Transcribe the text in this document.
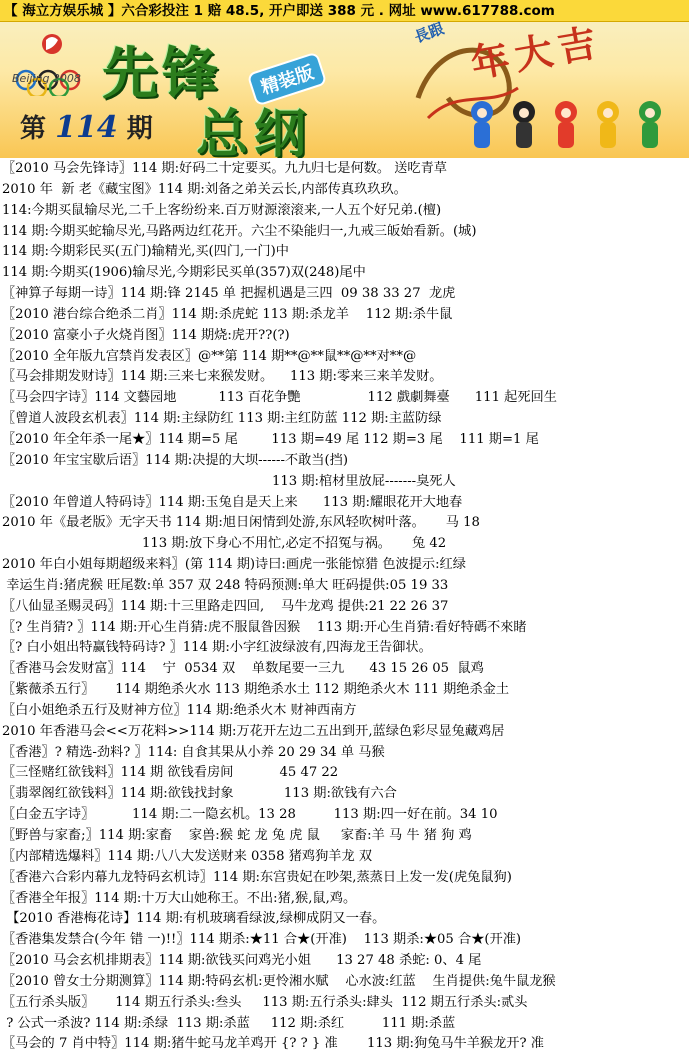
【 海立方娱乐城 】六合彩投注 1 赔 48.5, 开户即送 388 元 . 网址 www.617788.com
Beijing 2008 先锋	精装版
总纲
第 114 期
長跟 年大吉
〖2010 马会先锋诗〗114 期:好码二十定要买。九九归七是何数。 送吃青草
2010 年  新 老《藏宝图》114 期:刘备之弟关云长,内部传真玖玖玖。
114:今期买鼠输尽光,二千上客纷纷来.百万财源滚滚来,一人五个好兄弟.(檀)
114 期:今期买蛇输尽光,马路两边红花开。六尘不染能归一,九戒三皈始看新。(城)
114 期:今期彩民买(五门)输精光,买(四门,一门)中
114 期:今期买(1906)输尽光,今期彩民买单(357)双(248)尾中
〖神算子每期一诗〗114 期:锋 2145 单 把握机遇是三四  09 38 33 27  龙虎
〖2010 港台综合绝杀二肖〗114 期:杀虎蛇 113 期:杀龙羊    112 期:杀牛鼠
〖2010 富豪小子火烧肖图〗114 期烧:虎开??(?)
〖2010 全年版九宫禁肖发表区〗@**第 114 期**@**鼠**@**对**@
〖马会排期发财诗〗114 期:三来七来猴发财。    113 期:零来三来羊发财。
〖马会四字诗〗114 文藝园地          113 百花争艷                112 戲劇舞臺      111 起死回生
〖曾道人波段玄机表〗114 期:主绿防红 113 期:主红防蓝 112 期:主蓝防绿
〖2010 年全年杀一尾★〗114 期=5 尾        113 期=49 尾 112 期=3 尾    111 期=1 尾
〖2010 年宝宝歇后语〗114 期:决提的大坝------不敢当(挡)
113 期:棺材里放屁-------臭死人
〖2010 年曾道人特码诗〗114 期:玉兔自是天上来      113 期:耀眼花开大地春
2010 年《最老版》无字天书 114 期:旭日闲情到处游,东风轻吹树叶落。     马 18
113 期:放下身心不用忙,必定不招冤与祸。     兔 42
2010 年白小姐每期超级来料〗(第 114 期)诗曰:画虎一张能惊猎 色波提示:红绿
幸运生肖:猪虎猴 旺尾数:单 357 双 248 特码预测:单大 旺码提供:05 19 33
〖八仙显圣赐灵码〗114 期:十三里路走四回,    马牛龙鸡 提供:21 22 26 37
〖? 生肖猜? 〗114 期:开心生肖猜:虎不服鼠昝因猴    113 期:开心生肖猜:看好特碼不來睹
〖? 白小姐出特赢钱特码诗? 〗114 期:小字红波绿波有,四海龙王告御状。
〖香港马会发财富〗114    宁  0534 双    单数尾要一三九      43 15 26 05  鼠鸡
〖紫薇杀五行〗     114 期绝杀火水 113 期绝杀水土 112 期绝杀火木 111 期绝杀金土
〖白小姐绝杀五行及财神方位〗114 期:绝杀火木 财神西南方
2010 年香港马会<<万花料>>114 期:万花开左边二五出到开,蓝绿色彩尽显兔藏鸡居
〖香港〗? 精选-劲料? 〗114: 自食其果从小养 20 29 34 单 马猴
〖三怪赌红欲钱料〗114 期 欲钱看房间           45 47 22
〖翡翠阁红欲钱料〗114 期:欲钱找封象            113 期:欲钱有六合
〖白金五字诗〗         114 期:二一隐玄机。13 28         113 期:四一好在前。34 10
〖野兽与家畜;〗114 期:家畜    家兽:猴 蛇 龙 兔 虎 鼠     家畜:羊 马 牛 猪 狗 鸡
〖内部精选爆料〗114 期:八八大发送财来 0358 猪鸡狗羊龙 双
〖香港六合彩内幕九龙特码玄机诗〗114 期:东宫贵妃在吵架,蒸蒸日上发一发(虎兔鼠狗)
〖香港全年报〗114 期:十万大山她称王。不出:猪,猴,鼠,鸡。
【2010 香港梅花诗】114 期:有机玻璃看绿波,绿柳成阴又一春。
〖香港集发禁合(今年 错 一)!!〗114 期杀:★11 合★(开准)    113 期杀:★05 合★(开准)
〖2010 马会玄机排期表〗114 期:欲钱买问鸡光小姐      13 27 48 杀蛇: 0、4 尾
〖2010 曾女士分期测算〗114 期:特码玄机:更怜湘水赋    心水波:红蓝    生肖提供:兔牛鼠龙猴
〖五行杀头版〗     114 期五行杀头:叁头     113 期:五行杀头:肆头  112 期五行杀头:贰头
? 公式一杀波? 114 期:杀绿  113 期:杀蓝     112 期:杀红         111 期:杀蓝
〖马会的 7 肖中特〗114 期:猪牛蛇马龙羊鸡开 {? ? } 准       113 期:狗兔马牛羊猴龙开? 准
